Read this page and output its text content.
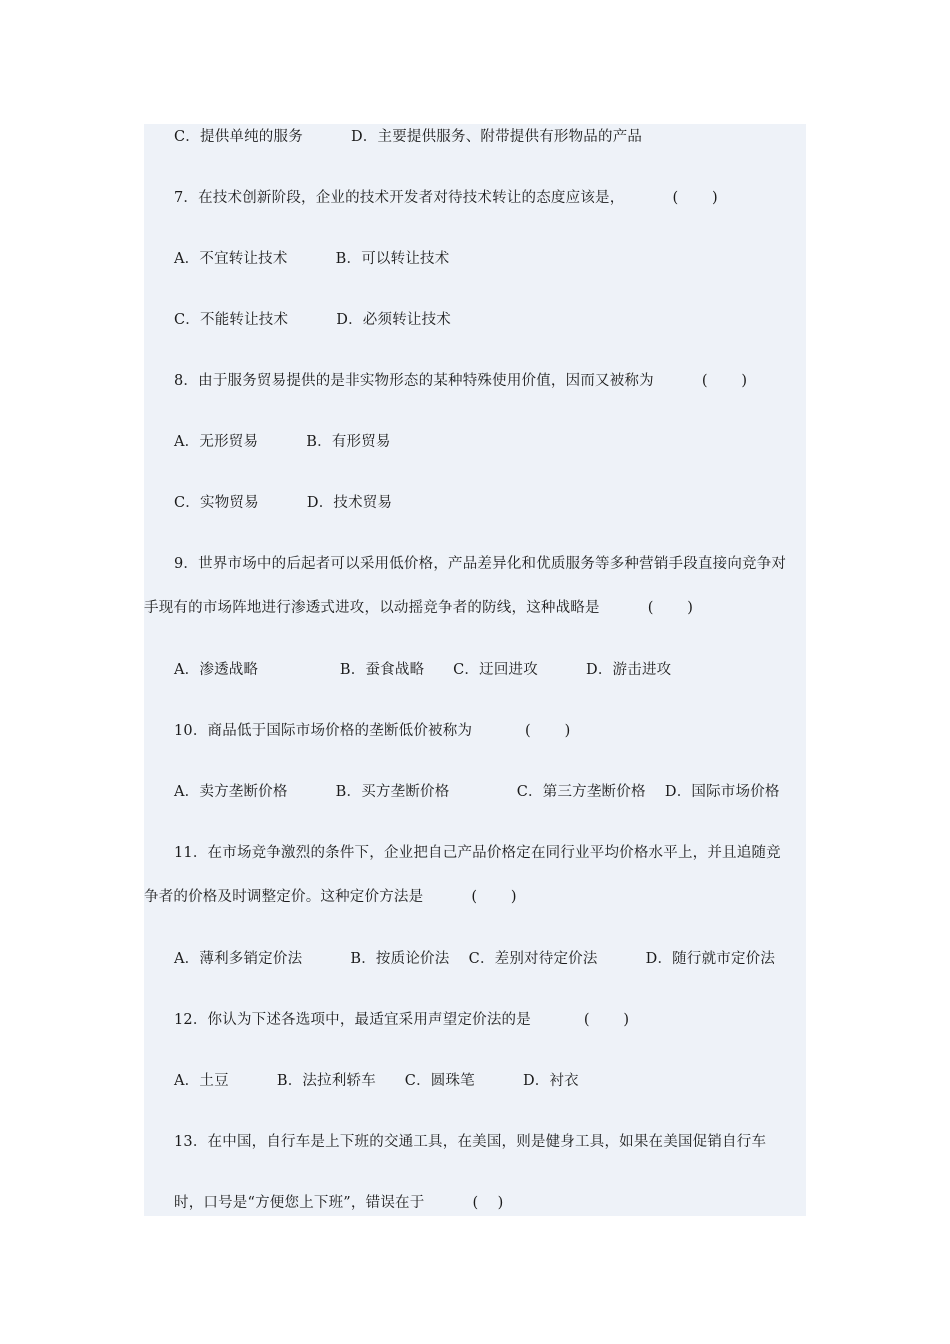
C．提供单纯的服务          D．主要提供服务、附带提供有形物品的产品
7．在技术创新阶段，企业的技术开发者对待技术转让的态度应该是，          (       )
A．不宜转让技术          B．可以转让技术
C．不能转让技术          D．必须转让技术
8．由于服务贸易提供的是非实物形态的某种特殊使用价值，因而又被称为          (       )
A．无形贸易          B．有形贸易
C．实物贸易          D．技术贸易
9．世界市场中的后起者可以采用低价格，产品差异化和优质服务等多种营销手段直接向竞争对
手现有的市场阵地进行渗透式进攻，以动摇竞争者的防线，这种战略是          (       )
A．渗透战略                 B．蚕食战略      C．迂回进攻          D．游击进攻
10．商品低于国际市场价格的垄断低价被称为           (       )
A．卖方垄断价格          B．买方垄断价格              C．第三方垄断价格    D．国际市场价格
11．在市场竞争激烈的条件下，企业把自己产品价格定在同行业平均价格水平上，并且追随竞
争者的价格及时调整定价。这种定价方法是          (       )
A．薄利多销定价法          B．按质论价法    C．差别对待定价法          D．随行就市定价法
12．你认为下述各选项中，最适宜采用声望定价法的是           (       )
A．土豆          B．法拉利轿车      C．圆珠笔          D．衬衣
13．在中国，自行车是上下班的交通工具，在美国，则是健身工具，如果在美国促销自行车
时，口号是“方便您上下班”，错误在于          (    )
